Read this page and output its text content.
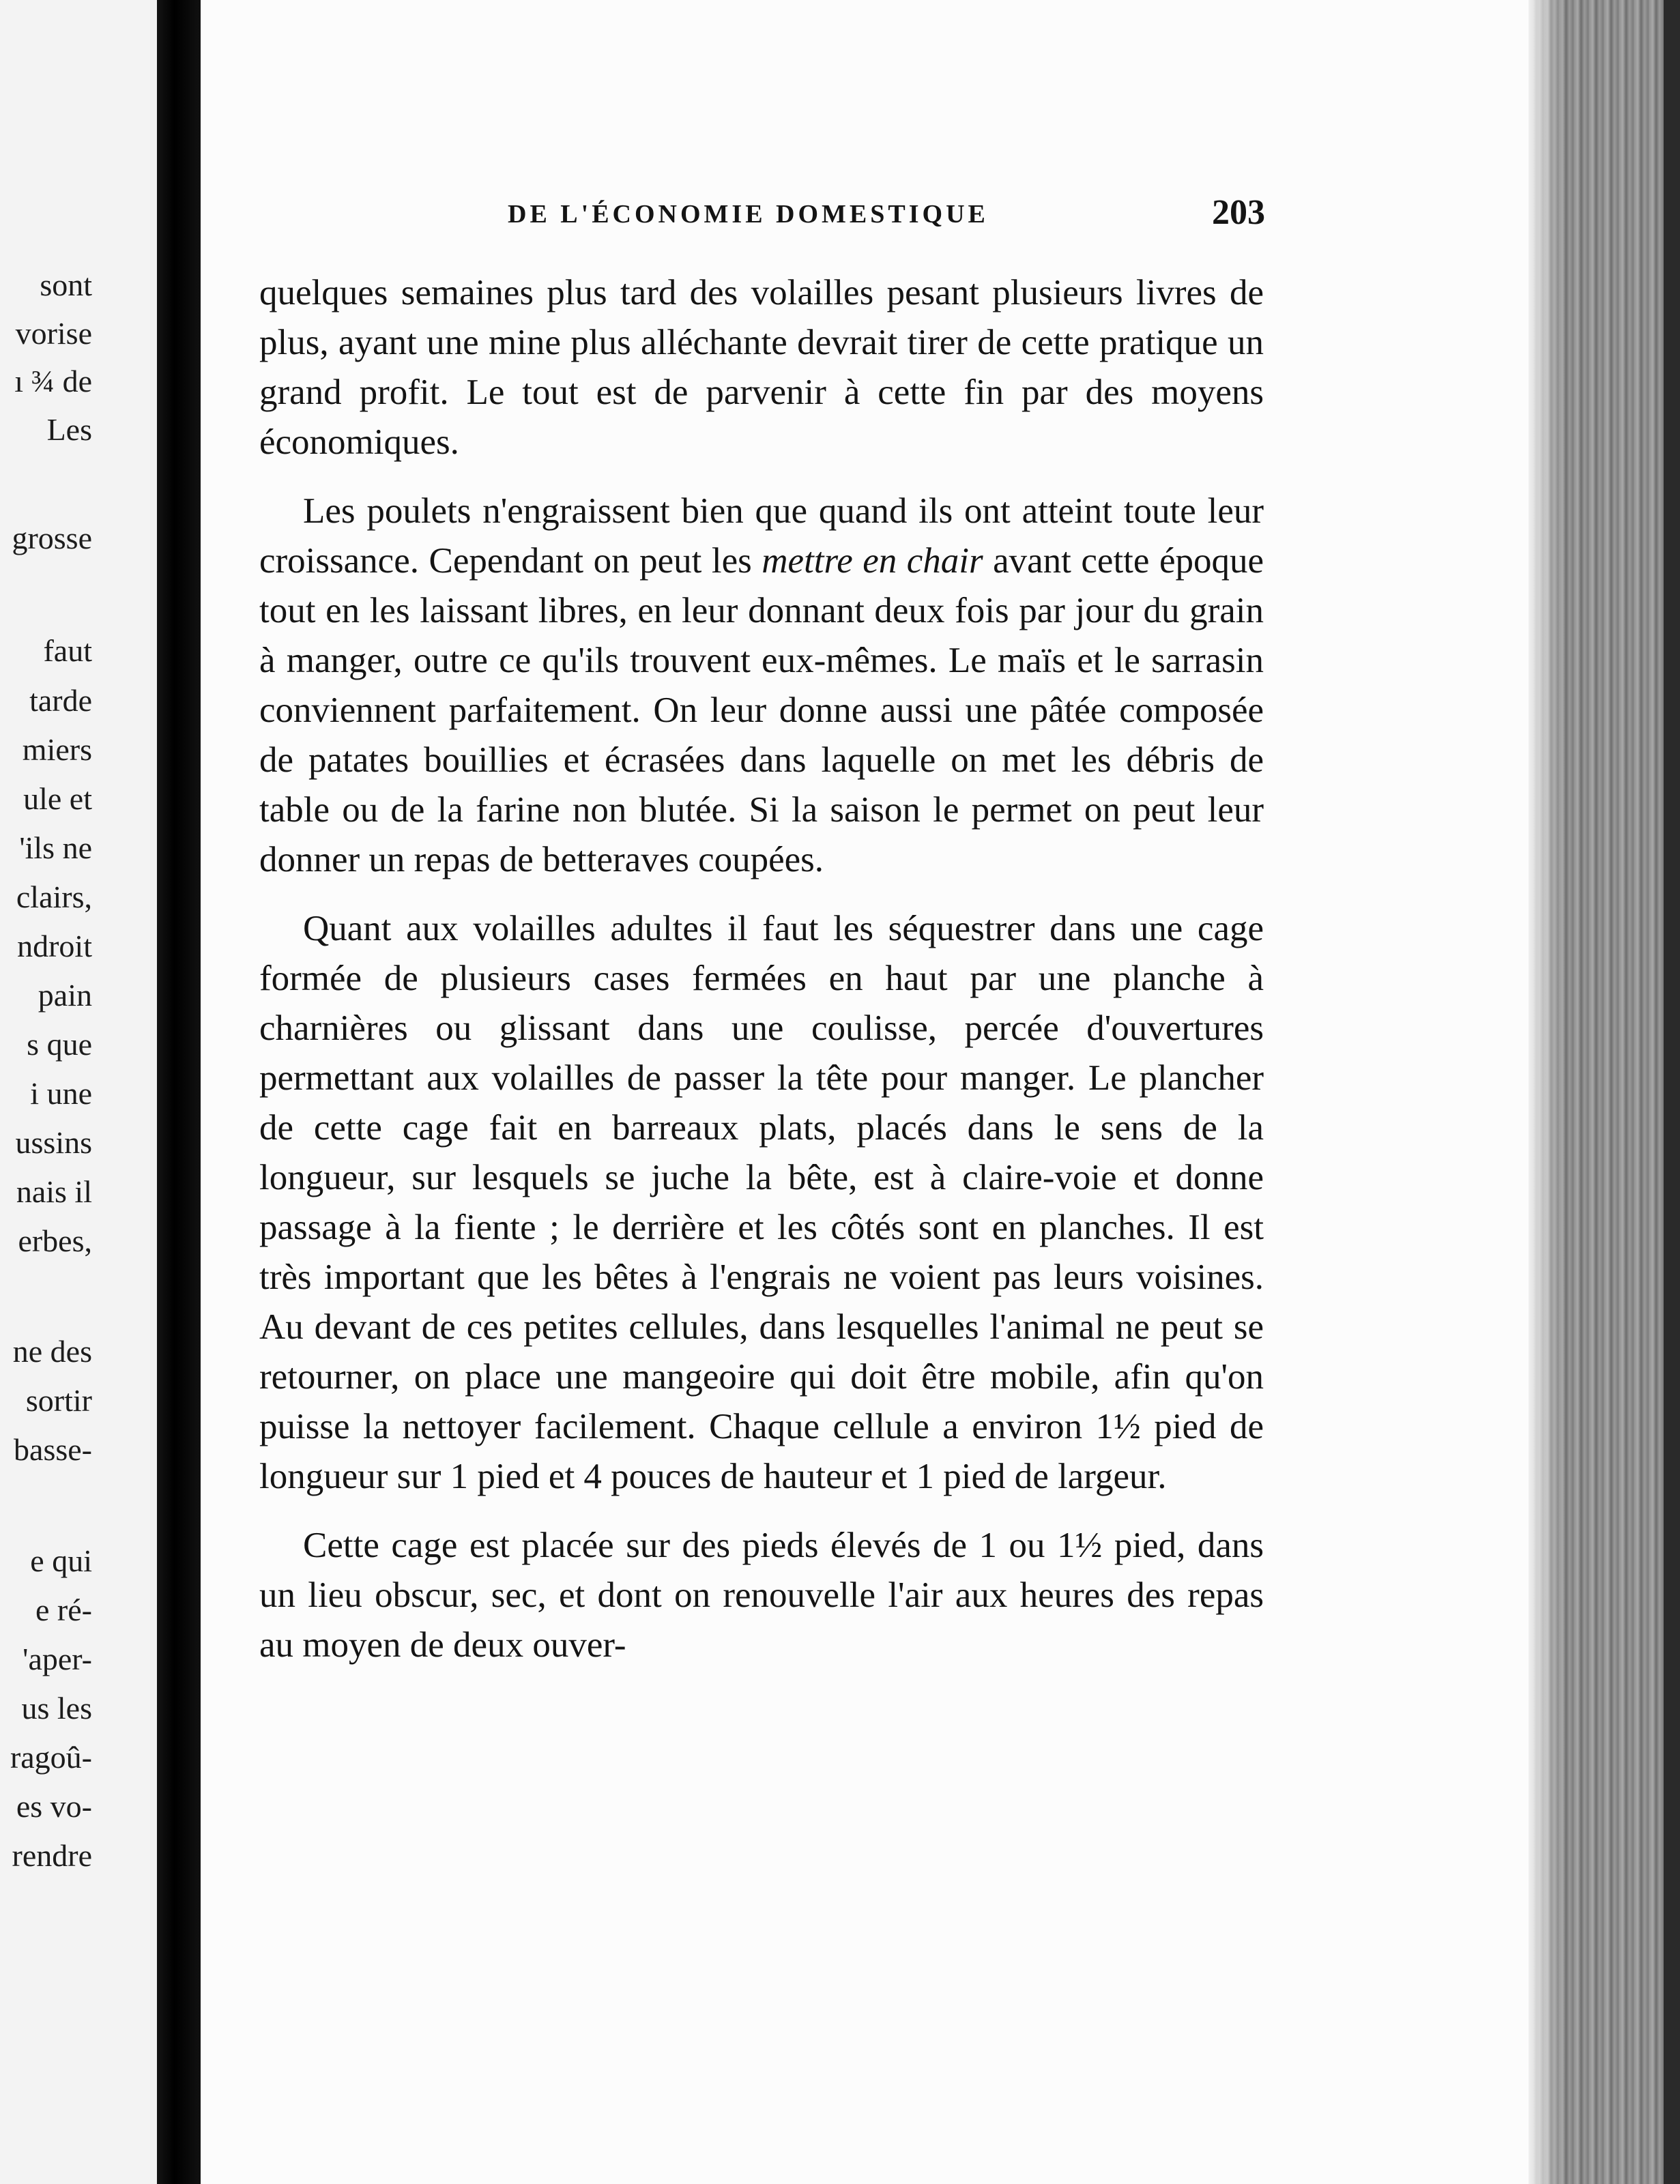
sont
vorise
ı ¾ de
Les
grosse
faut
tarde
miers
ule et
'ils ne
clairs,
ndroit
pain
s que
i une
ussins
nais il
erbes,
ne des
sortir
basse-
e qui
e ré-
'aper-
us les
ragoû-
es vo-
rendre
DE L'ÉCONOMIE DOMESTIQUE	203

quelques semaines plus tard des volailles pesant plusieurs livres de plus, ayant une mine plus alléchante devrait tirer de cette pratique un grand profit. Le tout est de parvenir à cette fin par des moyens économiques.

Les poulets n'engraissent bien que quand ils ont atteint toute leur croissance. Cependant on peut les mettre en chair avant cette époque tout en les laissant libres, en leur donnant deux fois par jour du grain à manger, outre ce qu'ils trouvent eux-mêmes. Le maïs et le sarrasin conviennent parfaitement. On leur donne aussi une pâtée composée de patates bouillies et écrasées dans laquelle on met les débris de table ou de la farine non blutée. Si la saison le permet on peut leur donner un repas de betteraves coupées.

Quant aux volailles adultes il faut les séquestrer dans une cage formée de plusieurs cases fermées en haut par une planche à charnières ou glissant dans une coulisse, percée d'ouvertures permettant aux volailles de passer la tête pour manger. Le plancher de cette cage fait en barreaux plats, placés dans le sens de la longueur, sur lesquels se juche la bête, est à claire-voie et donne passage à la fiente ; le derrière et les côtés sont en planches. Il est très important que les bêtes à l'engrais ne voient pas leurs voisines. Au devant de ces petites cellules, dans lesquelles l'animal ne peut se retourner, on place une mangeoire qui doit être mobile, afin qu'on puisse la nettoyer facilement. Chaque cellule a environ 1½ pied de longueur sur 1 pied et 4 pouces de hauteur et 1 pied de largeur.

Cette cage est placée sur des pieds élevés de 1 ou 1½ pied, dans un lieu obscur, sec, et dont on renouvelle l'air aux heures des repas au moyen de deux ouver-
